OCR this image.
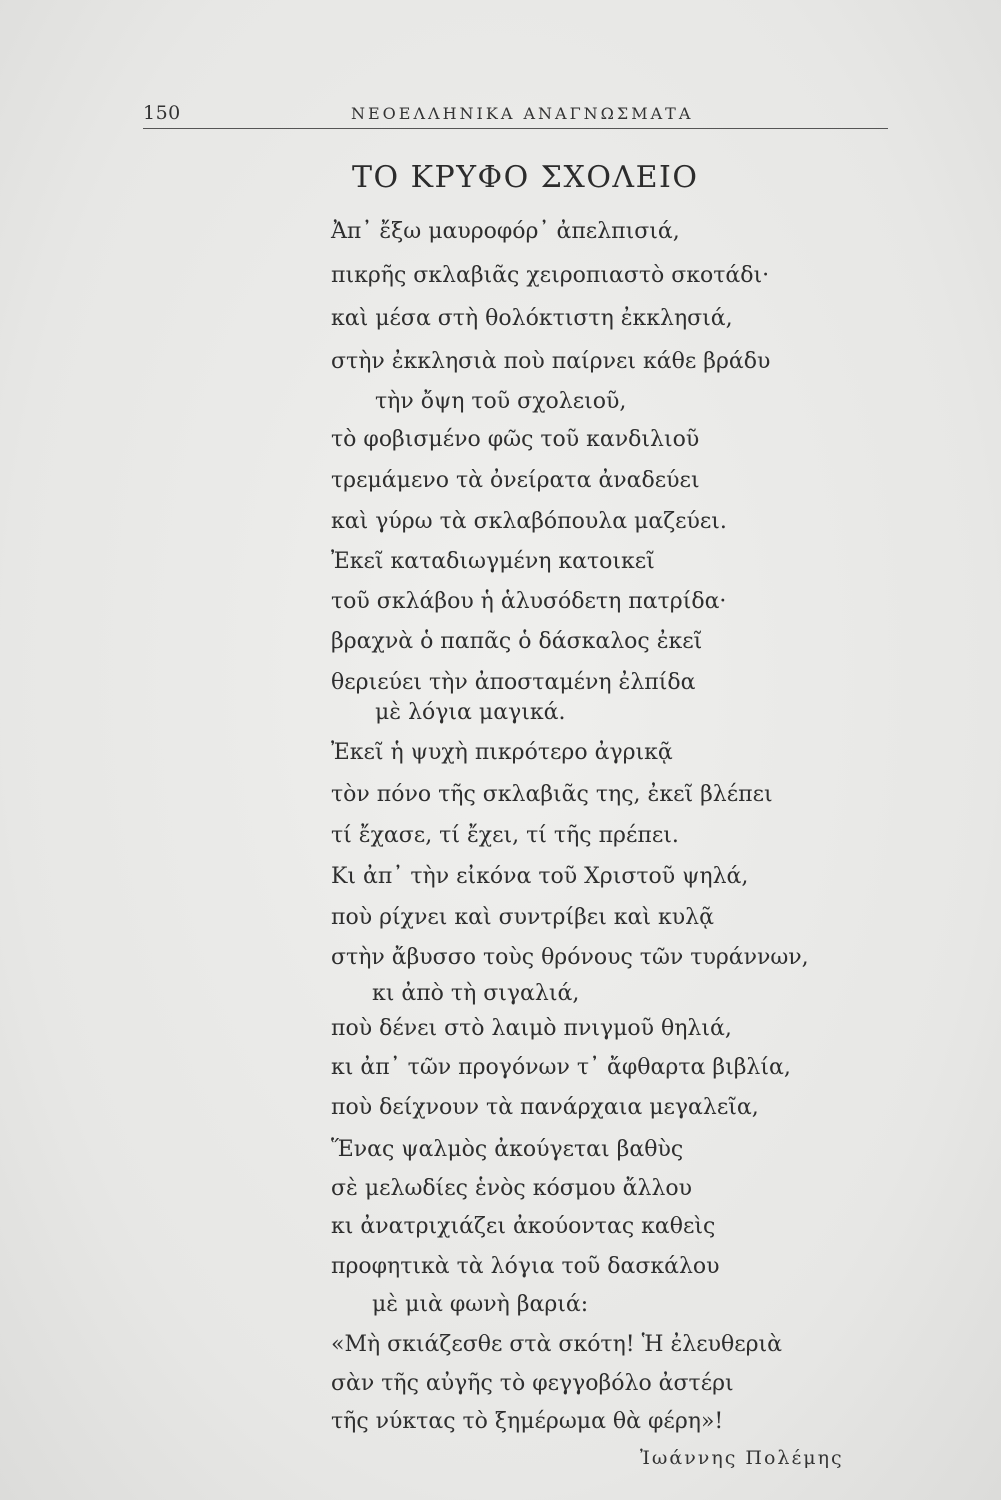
150	ΝΕΟΕΛΛΗΝΙΚΑ ΑΝΑΓΝΩΣΜΑΤΑ
ΤΟ ΚΡΥΦΟ ΣΧΟΛΕΙΟ
Ἀπ᾿ ἔξω μαυροφόρ᾿ ἀπελπισιά,
πικρῆς σκλαβιᾶς χειροπιαστὸ σκοτάδι·
καὶ μέσα στὴ θολόκτιστη ἐκκλησιά,
στὴν ἐκκλησιὰ ποὺ παίρνει κάθε βράδυ
τὴν ὄψη τοῦ σχολειοῦ,
τὸ φοβισμένο φῶς τοῦ κανδιλιοῦ
τρεμάμενο τὰ ὀνείρατα ἀναδεύει
καὶ γύρω τὰ σκλαβόπουλα μαζεύει.
Ἐκεῖ καταδιωγμένη κατοικεῖ
τοῦ σκλάβου ἡ ἁλυσόδετη πατρίδα·
βραχνὰ ὁ παπᾶς ὁ δάσκαλος ἐκεῖ
θεριεύει τὴν ἀποσταμένη ἐλπίδα
μὲ λόγια μαγικά.
Ἐκεῖ ἡ ψυχὴ πικρότερο ἀγρικᾷ
τὸν πόνο τῆς σκλαβιᾶς της, ἐκεῖ βλέπει
τί ἔχασε, τί ἔχει, τί τῆς πρέπει.
Κι ἀπ᾿ τὴν εἰκόνα τοῦ Χριστοῦ ψηλά,
ποὺ ρίχνει καὶ συντρίβει καὶ κυλᾷ
στὴν ἄβυσσο τοὺς θρόνους τῶν τυράννων,
κι ἀπὸ τὴ σιγαλιά,
ποὺ δένει στὸ λαιμὸ πνιγμοῦ θηλιά,
κι ἀπ᾿ τῶν προγόνων τ᾿ ἄφθαρτα βιβλία,
ποὺ δείχνουν τὰ πανάρχαια μεγαλεῖα,
Ἕνας ψαλμὸς ἀκούγεται βαθὺς
σὲ μελωδίες ἑνὸς κόσμου ἄλλου
κι ἀνατριχιάζει ἀκούοντας καθεὶς
προφητικὰ τὰ λόγια τοῦ δασκάλου
μὲ μιὰ φωνὴ βαριά:
«Μὴ σκιάζεσθε στὰ σκότη! Ἡ ἐλευθεριὰ
σὰν τῆς αὐγῆς τὸ φεγγοβόλο ἀστέρι
τῆς νύκτας τὸ ξημέρωμα θὰ φέρη»!
Ἰωάννης Πολέμης
